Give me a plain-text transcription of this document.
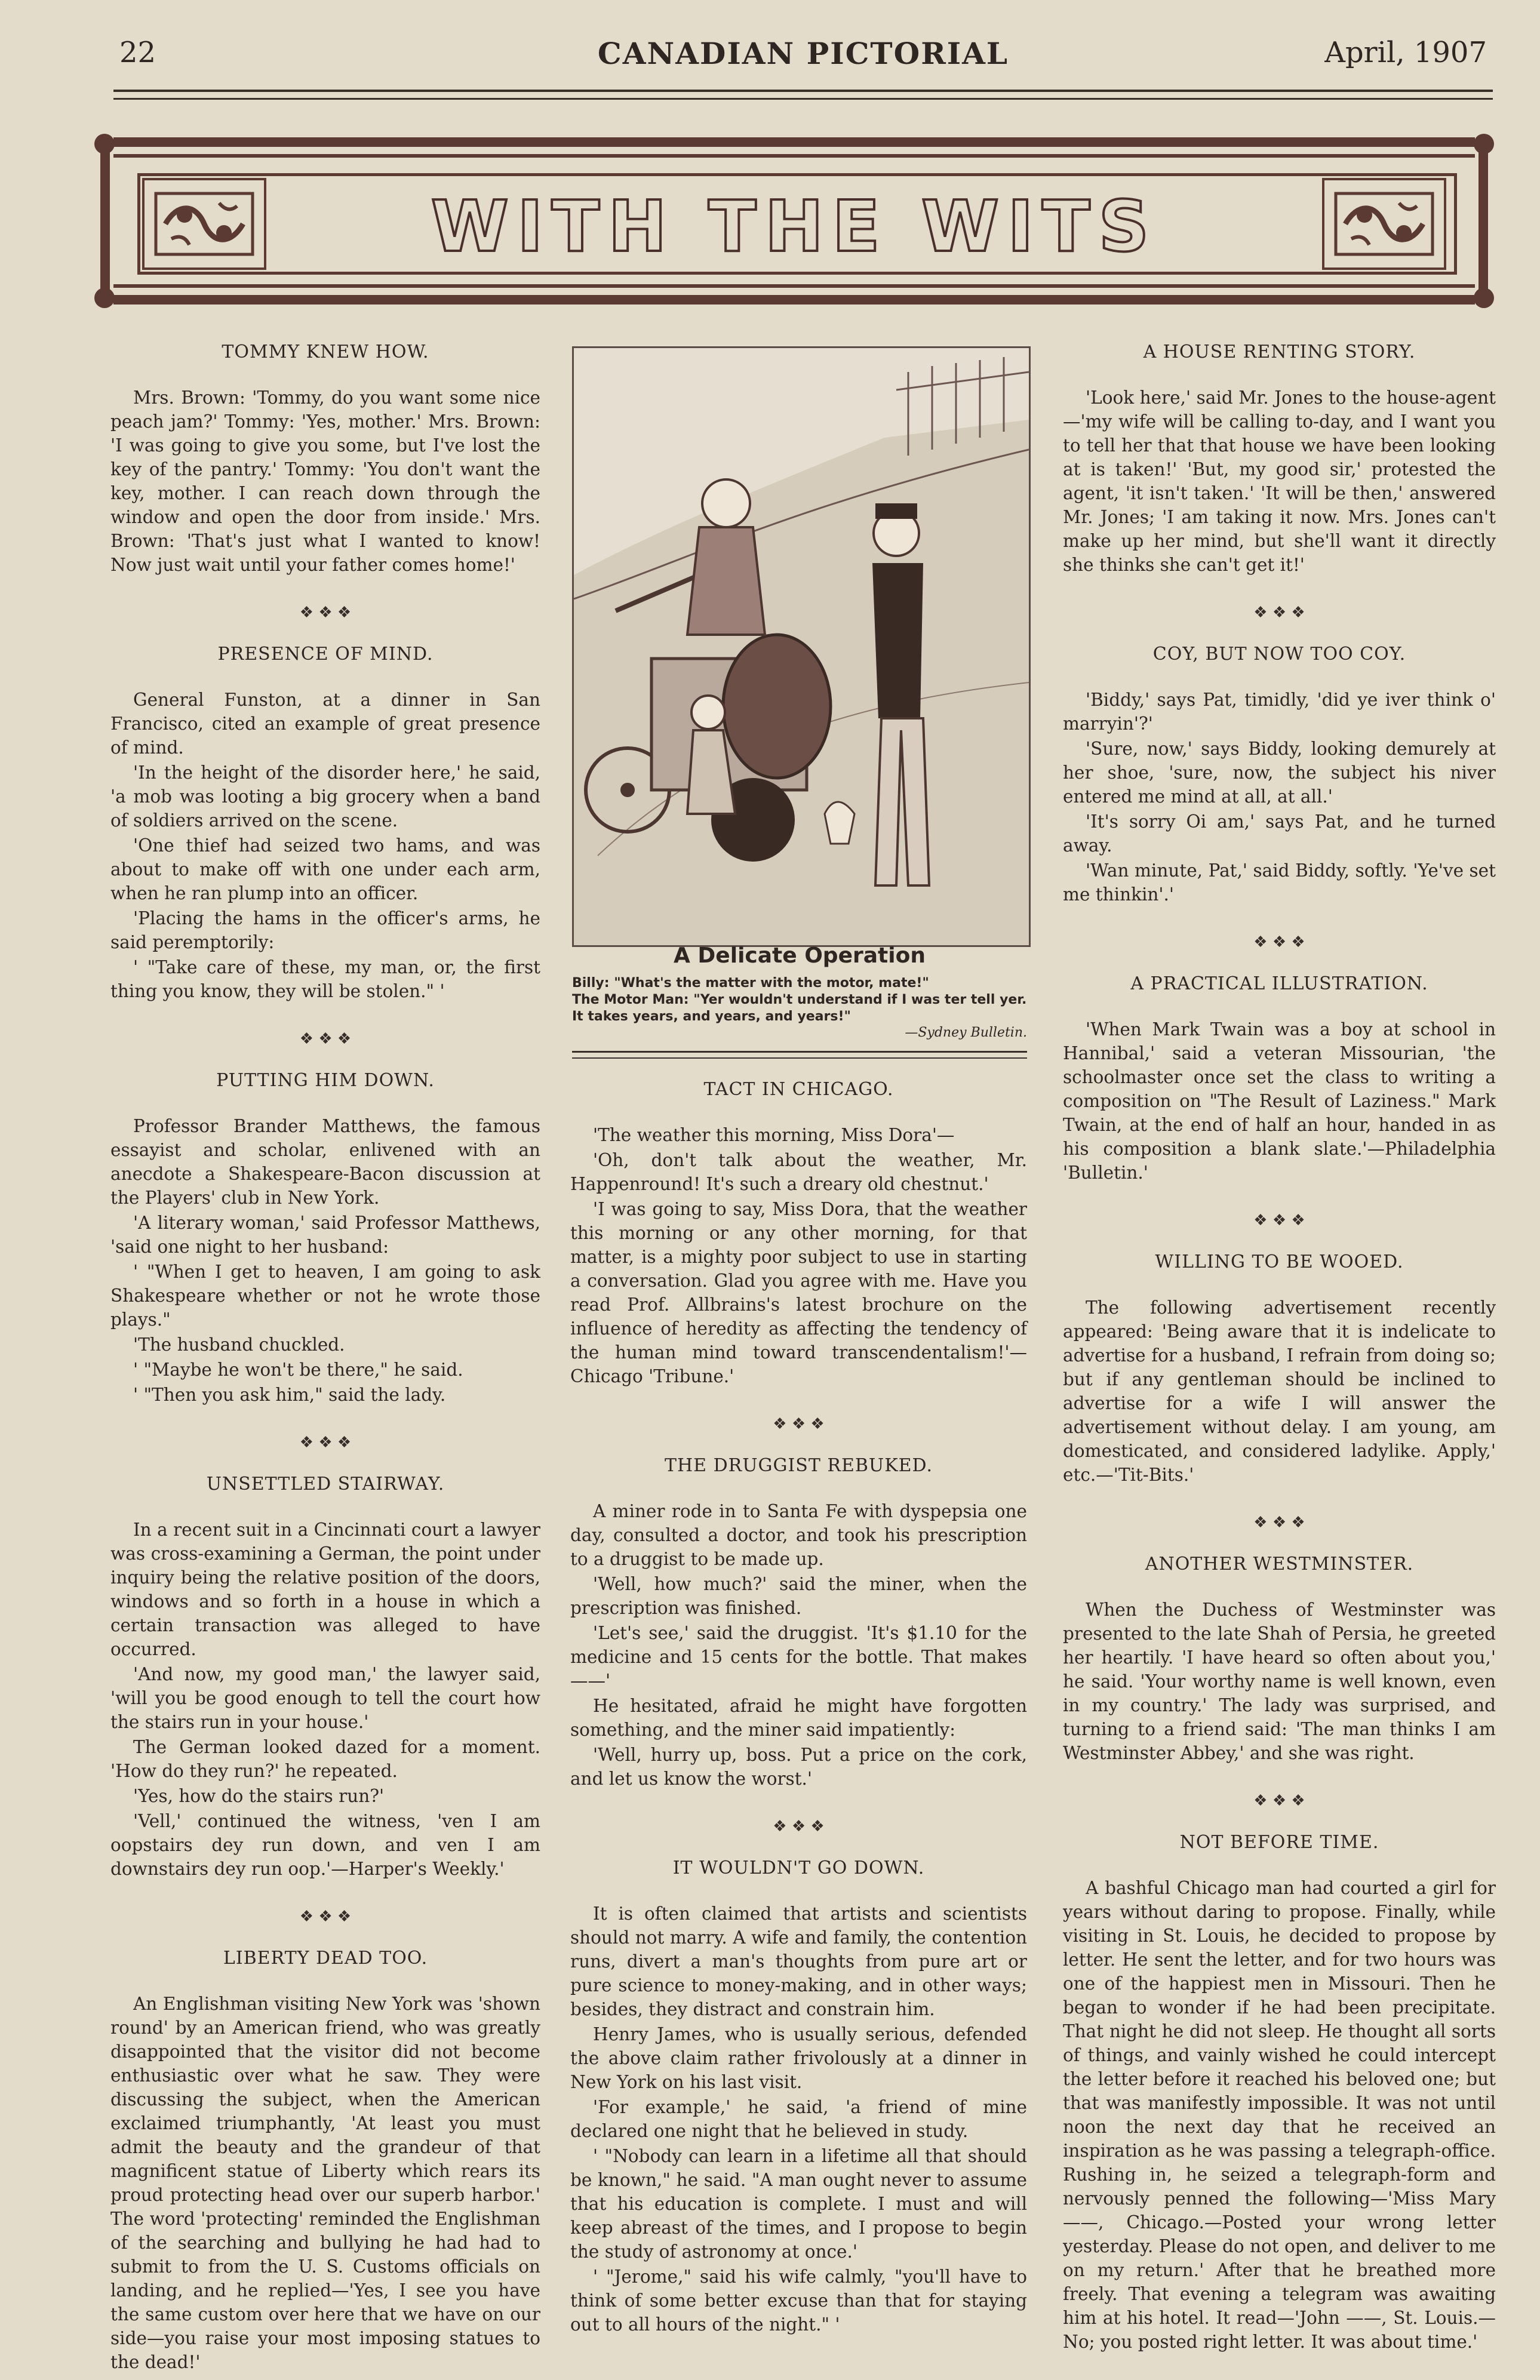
22	CANADIAN PICTORIAL	April, 1907
WITH THE WITS
TOMMY KNEW HOW.

Mrs. Brown: 'Tommy, do you want some nice peach jam?' Tommy: 'Yes, mother.' Mrs. Brown: 'I was going to give you some, but I've lost the key of the pantry.' Tommy: 'You don't want the key, mother. I can reach down through the window and open the door from inside.' Mrs. Brown: 'That's just what I wanted to know! Now just wait until your father comes home!'

❖ ❖ ❖
PRESENCE OF MIND.

General Funston, at a dinner in San Francisco, cited an example of great presence of mind.

'In the height of the disorder here,' he said, 'a mob was looting a big grocery when a band of soldiers arrived on the scene.

'One thief had seized two hams, and was about to make off with one under each arm, when he ran plump into an officer.

'Placing the hams in the officer's arms, he said peremptorily:

' "Take care of these, my man, or, the first thing you know, they will be stolen." '

❖ ❖ ❖
PUTTING HIM DOWN.

Professor Brander Matthews, the famous essayist and scholar, enlivened with an anecdote a Shakespeare-Bacon discussion at the Players' club in New York.

'A literary woman,' said Professor Matthews, 'said one night to her husband:

' "When I get to heaven, I am going to ask Shakespeare whether or not he wrote those plays."

'The husband chuckled.

' "Maybe he won't be there," he said.

' "Then you ask him," said the lady.

❖ ❖ ❖
UNSETTLED STAIRWAY.

In a recent suit in a Cincinnati court a lawyer was cross-examining a German, the point under inquiry being the relative position of the doors, windows and so forth in a house in which a certain transaction was alleged to have occurred.

'And now, my good man,' the lawyer said, 'will you be good enough to tell the court how the stairs run in your house.'

The German looked dazed for a moment. 'How do they run?' he repeated.

'Yes, how do the stairs run?'

'Vell,' continued the witness, 'ven I am oopstairs dey run down, and ven I am downstairs dey run oop.'—Harper's Weekly.'

❖ ❖ ❖
LIBERTY DEAD TOO.

An Englishman visiting New York was 'shown round' by an American friend, who was greatly disappointed that the visitor did not become enthusiastic over what he saw. They were discussing the subject, when the American exclaimed triumphantly, 'At least you must admit the beauty and the grandeur of that magnificent statue of Liberty which rears its proud protecting head over our superb harbor.' The word 'protecting' reminded the Englishman of the searching and bullying he had had to submit to from the U. S. Customs officials on landing, and he replied—'Yes, I see you have the same custom over here that we have on our side—you raise your most imposing statues to the dead!'

A Delicate Operation

Billy: "What's the matter with the motor, mate!"

The Motor Man: "Yer wouldn't understand if I was ter tell yer. It takes years, and years, and years!"

—Sydney Bulletin.

TACT IN CHICAGO.

'The weather this morning, Miss Dora'—

'Oh, don't talk about the weather, Mr. Happenround! It's such a dreary old chestnut.'

'I was going to say, Miss Dora, that the weather this morning or any other morning, for that matter, is a mighty poor subject to use in starting a conversation. Glad you agree with me. Have you read Prof. Allbrains's latest brochure on the influence of heredity as affecting the tendency of the human mind toward transcendentalism!'—Chicago 'Tribune.'

❖ ❖ ❖
THE DRUGGIST REBUKED.

A miner rode in to Santa Fe with dyspepsia one day, consulted a doctor, and took his prescription to a druggist to be made up.

'Well, how much?' said the miner, when the prescription was finished.

'Let's see,' said the druggist. 'It's $1.10 for the medicine and 15 cents for the bottle. That makes——'

He hesitated, afraid he might have forgotten something, and the miner said impatiently:

'Well, hurry up, boss. Put a price on the cork, and let us know the worst.'

❖ ❖ ❖
IT WOULDN'T GO DOWN.

It is often claimed that artists and scientists should not marry. A wife and family, the contention runs, divert a man's thoughts from pure art or pure science to money-making, and in other ways; besides, they distract and constrain him.

Henry James, who is usually serious, defended the above claim rather frivolously at a dinner in New York on his last visit.

'For example,' he said, 'a friend of mine declared one night that he believed in study.

' "Nobody can learn in a lifetime all that should be known," he said. "A man ought never to assume that his education is complete. I must and will keep abreast of the times, and I propose to begin the study of astronomy at once.'

' "Jerome," said his wife calmly, "you'll have to think of some better excuse than that for staying out to all hours of the night." '

A HOUSE RENTING STORY.

'Look here,' said Mr. Jones to the house-agent—'my wife will be calling to-day, and I want you to tell her that that house we have been looking at is taken!' 'But, my good sir,' protested the agent, 'it isn't taken.' 'It will be then,' answered Mr. Jones; 'I am taking it now. Mrs. Jones can't make up her mind, but she'll want it directly she thinks she can't get it!'

❖ ❖ ❖
COY, BUT NOW TOO COY.

'Biddy,' says Pat, timidly, 'did ye iver think o' marryin'?'

'Sure, now,' says Biddy, looking demurely at her shoe, 'sure, now, the subject his niver entered me mind at all, at all.'

'It's sorry Oi am,' says Pat, and he turned away.

'Wan minute, Pat,' said Biddy, softly. 'Ye've set me thinkin'.'

❖ ❖ ❖
A PRACTICAL ILLUSTRATION.

'When Mark Twain was a boy at school in Hannibal,' said a veteran Missourian, 'the schoolmaster once set the class to writing a composition on "The Result of Laziness." Mark Twain, at the end of half an hour, handed in as his composition a blank slate.'—Philadelphia 'Bulletin.'

❖ ❖ ❖
WILLING TO BE WOOED.

The following advertisement recently appeared: 'Being aware that it is indelicate to advertise for a husband, I refrain from doing so; but if any gentleman should be inclined to advertise for a wife I will answer the advertisement without delay. I am young, am domesticated, and considered ladylike. Apply,' etc.—'Tit-Bits.'

❖ ❖ ❖
ANOTHER WESTMINSTER.

When the Duchess of Westminster was presented to the late Shah of Persia, he greeted her heartily. 'I have heard so often about you,' he said. 'Your worthy name is well known, even in my country.' The lady was surprised, and turning to a friend said: 'The man thinks I am Westminster Abbey,' and she was right.

❖ ❖ ❖
NOT BEFORE TIME.

A bashful Chicago man had courted a girl for years without daring to propose. Finally, while visiting in St. Louis, he decided to propose by letter. He sent the letter, and for two hours was one of the happiest men in Missouri. Then he began to wonder if he had been precipitate. That night he did not sleep. He thought all sorts of things, and vainly wished he could intercept the letter before it reached his beloved one; but that was manifestly impossible. It was not until noon the next day that he received an inspiration as he was passing a telegraph-office. Rushing in, he seized a telegraph-form and nervously penned the following—'Miss Mary ——, Chicago.—Posted your wrong letter yesterday. Please do not open, and deliver to me on my return.' After that he breathed more freely. That evening a telegram was awaiting him at his hotel. It read—'John ——, St. Louis.—No; you posted right letter. It was about time.'
